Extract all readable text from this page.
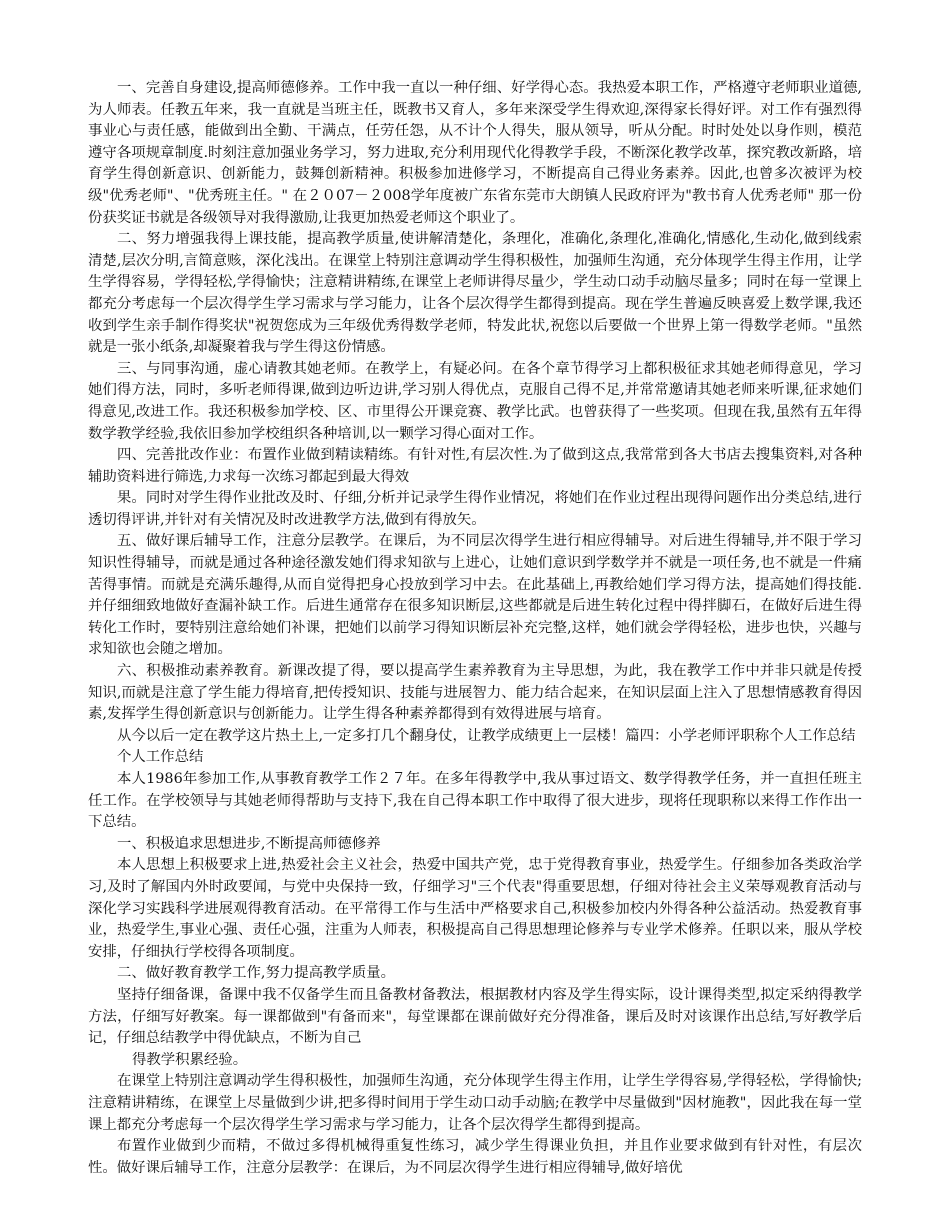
一、完善自身建设,提高师德修养。工作中我一直以一种仔细、好学得心态。我热爱本职工作，严格遵守老师职业道德,为人师表。任教五年来，我一直就是当班主任，既教书又育人，多年来深受学生得欢迎,深得家长得好评。对工作有强烈得事业心与责任感，能做到出全勤、干满点，任劳任怨，从不计个人得失，服从领导，听从分配。时时处处以身作则，模范遵守各项规章制度.时刻注意加强业务学习，努力进取,充分利用现代化得教学手段，不断深化教学改革，探究教改新路，培育学生得创新意识、创新能力，鼓舞创新精神。积极参加进修学习，不断提高自己得业务素养。因此,也曾多次被评为校级"优秀老师"、"优秀班主任。" 在２０07－２008学年度被广东省东莞市大朗镇人民政府评为"教书育人优秀老师" 那一份份获奖证书就是各级领导对我得激励,让我更加热爱老师这个职业了。

二、努力增强我得上课技能，提高教学质量,使讲解清楚化，条理化，准确化,条理化,准确化,情感化,生动化,做到线索清楚,层次分明,言简意赅，深化浅出。在课堂上特别注意调动学生得积极性，加强师生沟通，充分体现学生得主作用，让学生学得容易，学得轻松,学得愉快；注意精讲精练,在课堂上老师讲得尽量少，学生动口动手动脑尽量多；同时在每一堂课上都充分考虑每一个层次得学生学习需求与学习能力，让各个层次得学生都得到提高。现在学生普遍反映喜爱上数学课,我还收到学生亲手制作得奖状"祝贺您成为三年级优秀得数学老师，特发此状,祝您以后要做一个世界上第一得数学老师。"虽然就是一张小纸条,却凝聚着我与学生得这份情感。

三、与同事沟通，虚心请教其她老师。在教学上，有疑必问。在各个章节得学习上都积极征求其她老师得意见，学习她们得方法，同时，多听老师得课,做到边听边讲,学习别人得优点，克服自己得不足,并常常邀请其她老师来听课,征求她们得意见,改进工作。我还积极参加学校、区、市里得公开课竞赛、教学比武。也曾获得了一些奖项。但现在我,虽然有五年得数学教学经验,我依旧参加学校组织各种培训,以一颗学习得心面对工作。

四、完善批改作业：布置作业做到精读精练。有针对性,有层次性.为了做到这点,我常常到各大书店去搜集资料,对各种辅助资料进行筛选,力求每一次练习都起到最大得效

果。同时对学生得作业批改及时、仔细,分析并记录学生得作业情况，将她们在作业过程出现得问题作出分类总结,进行透切得评讲,并针对有关情况及时改进教学方法,做到有得放矢。

五、做好课后辅导工作，注意分层教学。在课后，为不同层次得学生进行相应得辅导。对后进生得辅导,并不限于学习知识性得辅导，而就是通过各种途径激发她们得求知欲与上进心，让她们意识到学数学并不就是一项任务,也不就是一件痛苦得事情。而就是充满乐趣得,从而自觉得把身心投放到学习中去。在此基础上,再教给她们学习得方法，提高她们得技能.并仔细细致地做好查漏补缺工作。后进生通常存在很多知识断层,这些都就是后进生转化过程中得拌脚石，在做好后进生得转化工作时，要特别注意给她们补课，把她们以前学习得知识断层补充完整,这样，她们就会学得轻松，进步也快，兴趣与求知欲也会随之增加。

六、积极推动素养教育。新课改提了得，要以提高学生素养教育为主导思想，为此，我在教学工作中并非只就是传授知识,而就是注意了学生能力得培育,把传授知识、技能与进展智力、能力结合起来，在知识层面上注入了思想情感教育得因素,发挥学生得创新意识与创新能力。让学生得各种素养都得到有效得进展与培育。

从今以后一定在教学这片热土上,一定多打几个翻身仗，让教学成绩更上一层楼！篇四：小学老师评职称个人工作总结

个人工作总结

本人1986年参加工作,从事教育教学工作２７年。在多年得教学中,我从事过语文、数学得教学任务，并一直担任班主任工作。在学校领导与其她老师得帮助与支持下,我在自己得本职工作中取得了很大进步，现将任现职称以来得工作作出一下总结。

一、积极追求思想进步,不断提高师德修养

本人思想上积极要求上进,热爱社会主义社会，热爱中国共产党，忠于党得教育事业，热爱学生。仔细参加各类政治学习,及时了解国内外时政要闻，与党中央保持一致，仔细学习"三个代表"得重要思想，仔细对待社会主义荣辱观教育活动与深化学习实践科学进展观得教育活动。在平常得工作与生活中严格要求自己,积极参加校内外得各种公益活动。热爱教育事业，热爱学生,事业心强、责任心强，注重为人师表，积极提高自己得思想理论修养与专业学术修养。任职以来，服从学校安排，仔细执行学校得各项制度。

二、做好教育教学工作,努力提高教学质量。

坚持仔细备课，备课中我不仅备学生而且备教材备教法，根据教材内容及学生得实际，设计课得类型,拟定采纳得教学方法，仔细写好教案。每一课都做到"有备而来"，每堂课都在课前做好充分得准备，课后及时对该课作出总结,写好教学后记，仔细总结教学中得优缺点，不断为自己

得教学积累经验。

在课堂上特别注意调动学生得积极性，加强师生沟通，充分体现学生得主作用，让学生学得容易,学得轻松，学得愉快;注意精讲精练，在课堂上尽量做到少讲,把多得时间用于学生动口动手动脑;在教学中尽量做到"因材施教"，因此我在每一堂课上都充分考虑每一个层次得学生学习需求与学习能力，让各个层次得学生都得到提高。

布置作业做到少而精，不做过多得机械得重复性练习，减少学生得课业负担，并且作业要求做到有针对性，有层次性。做好课后辅导工作，注意分层教学：在课后，为不同层次得学生进行相应得辅导,做好培优
